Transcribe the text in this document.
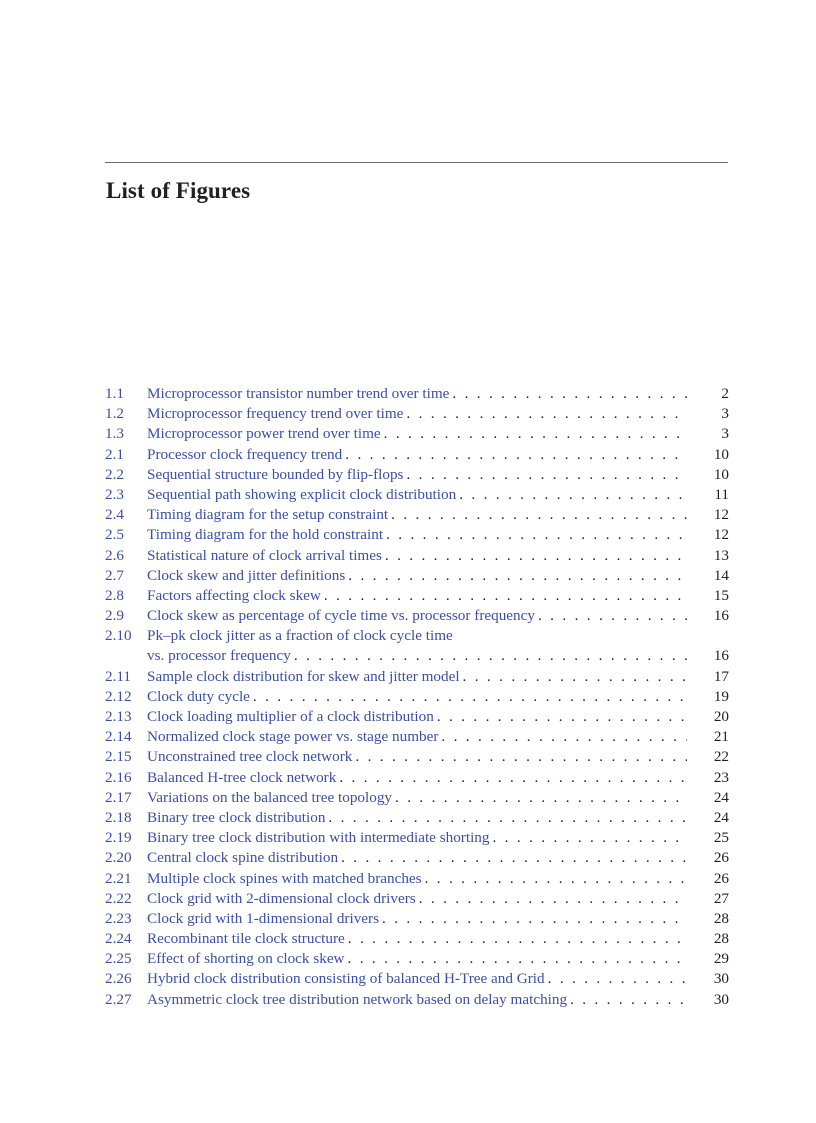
List of Figures
1.1	Microprocessor transistor number trend over time . . .	2
1.2	Microprocessor frequency trend over time . . .	3
1.3	Microprocessor power trend over time . . .	3
2.1	Processor clock frequency trend . . .	10
2.2	Sequential structure bounded by flip-flops . . .	10
2.3	Sequential path showing explicit clock distribution . . .	11
2.4	Timing diagram for the setup constraint . . .	12
2.5	Timing diagram for the hold constraint . . .	12
2.6	Statistical nature of clock arrival times . . .	13
2.7	Clock skew and jitter definitions . . .	14
2.8	Factors affecting clock skew . . .	15
2.9	Clock skew as percentage of cycle time vs. processor frequency . . .	16
2.10	Pk–pk clock jitter as a fraction of clock cycle time
vs. processor frequency . . .	16
2.11	Sample clock distribution for skew and jitter model . . .	17
2.12	Clock duty cycle . . .	19
2.13	Clock loading multiplier of a clock distribution . . .	20
2.14	Normalized clock stage power vs. stage number . . .	21
2.15	Unconstrained tree clock network . . .	22
2.16	Balanced H-tree clock network . . .	23
2.17	Variations on the balanced tree topology . . .	24
2.18	Binary tree clock distribution . . .	24
2.19	Binary tree clock distribution with intermediate shorting . . .	25
2.20	Central clock spine distribution . . .	26
2.21	Multiple clock spines with matched branches . . .	26
2.22	Clock grid with 2-dimensional clock drivers . . .	27
2.23	Clock grid with 1-dimensional drivers . . .	28
2.24	Recombinant tile clock structure . . .	28
2.25	Effect of shorting on clock skew . . .	29
2.26	Hybrid clock distribution consisting of balanced H-Tree and Grid . . .	30
2.27	Asymmetric clock tree distribution network based on delay matching . . .	30
